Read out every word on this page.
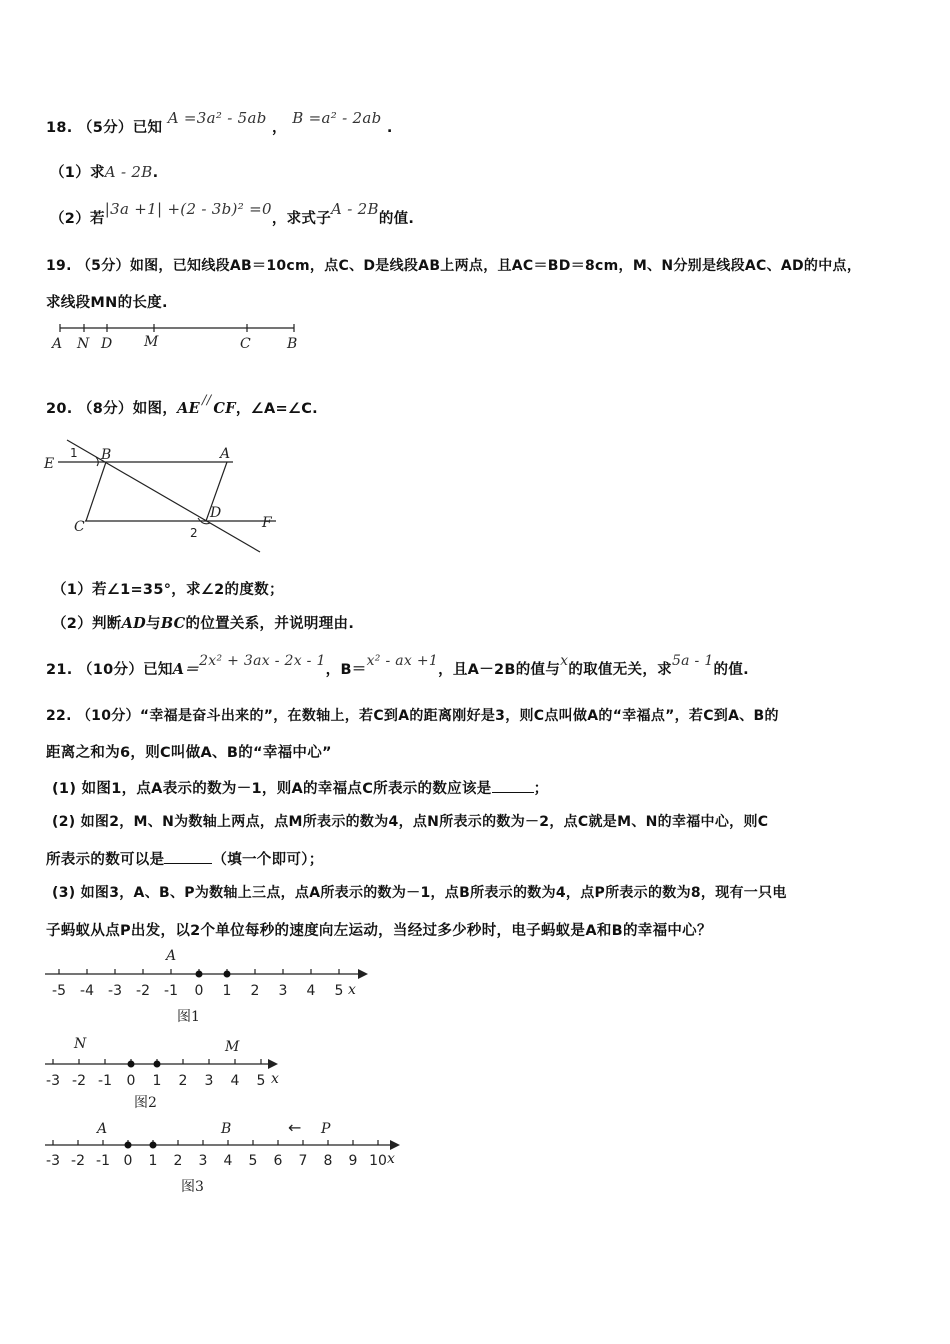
18. （5分）已知 A =3a² - 5ab ， B =a² - 2ab .
（1）求A - 2B.
（2）若|3a +1| +(2 - 3b)² =0，求式子A - 2B的值.
19. （5分）如图，已知线段AB＝10cm，点C、D是线段AB上两点，且AC＝BD＝8cm，M、N分别是线段AC、AD的中点，
求线段MN的长度.
A N D M	C	B
20. （8分）如图，AE // CF，∠A=∠C.
E
1 B	A
C	2
D
F
（1）若∠1=35°，求∠2的度数；
（2）判断AD与BC的位置关系，并说明理由.
21. （10分）已知A＝2x² + 3ax - 2x - 1，B＝x² - ax +1，且A－2B的值与x的取值无关，求5a - 1的值.
22. （10分）“幸福是奋斗出来的”，在数轴上，若C到A的距离刚好是3，则C点叫做A的“幸福点”，若C到A、B的
距离之和为6，则C叫做A、B的“幸福中心”
(1) 如图1，点A表示的数为－1，则A的幸福点C所表示的数应该是	；
(2) 如图2，M、N为数轴上两点，点M所表示的数为4，点N所表示的数为－2，点C就是M、N的幸福中心，则C
所表示的数可以是	（填一个即可）；
(3) 如图3，A、B、P为数轴上三点，点A所表示的数为－1，点B所表示的数为4，点P所表示的数为8，现有一只电
子蚂蚁从点P出发，以2个单位每秒的速度向左运动，当经过多少秒时，电子蚂蚁是A和B的幸福中心？
-5 -4 -3 -2 -1 0 1 2 3 4 5
A
x
图1
-3 -2 -1 0 1 2 3 4 5
N	M
x
图2
-3 -2 -1 0 1 2 3 4 5 6 7 8 9 10
A	B	← P
x
图3
